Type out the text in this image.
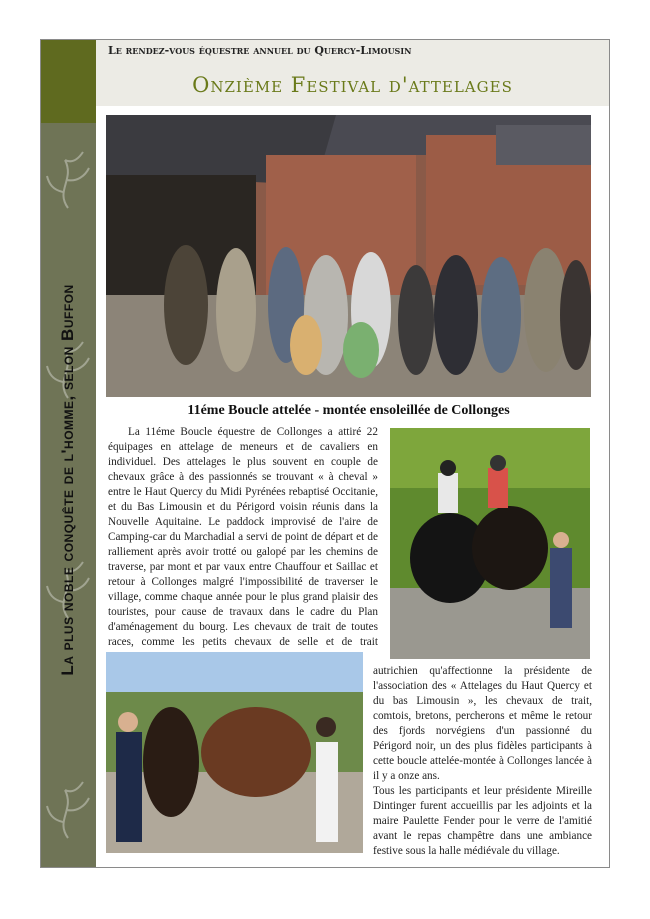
La plus noble conquête de l'homme, selon Buffon
Le rendez-vous équestre annuel du Quercy-Limousin
Onzième Festival d'attelages
11éme Boucle attelée - montée ensoleillée de Collonges

La 11éme Boucle équestre de Collonges a attiré 22 équipages en attelage de meneurs et de cavaliers en individuel. Des attelages le plus souvent en couple de chevaux grâce à des passionnés se trouvant « à cheval » entre le Haut Quercy du Midi Pyrénées rebaptisé Occitanie, et du Bas Limousin et du Périgord voisin réunis dans la Nouvelle Aquitaine. Le paddock improvisé de l'aire de Camping-car du Marchadial a servi de point de départ et de ralliement après avoir trotté ou galopé par les chemins de traverse, par mont et par vaux entre Chauffour et Saillac et retour à Collonges malgré l'impossibilité de traverser le village, comme chaque année pour le plus grand plaisir des touristes, pour cause de travaux dans le cadre du Plan d'aménagement du bourg. Les chevaux de trait de toutes races, comme les petits chevaux de selle et de trait

autrichien qu'affectionne la présidente de l'association des « Attelages du Haut Quercy et du bas Limousin », les chevaux de trait, comtois, bretons, percherons et même le retour des fjords norvégiens d'un passionné du Périgord noir, un des plus fidèles participants à cette boucle attelée-montée à Collonges lancée à il y a onze ans.

Tous les participants et leur présidente Mireille Dintinger furent accueillis par les adjoints et la maire Paulette Fender pour le verre de l'amitié avant le repas champêtre dans une ambiance festive sous la halle médiévale du village.
